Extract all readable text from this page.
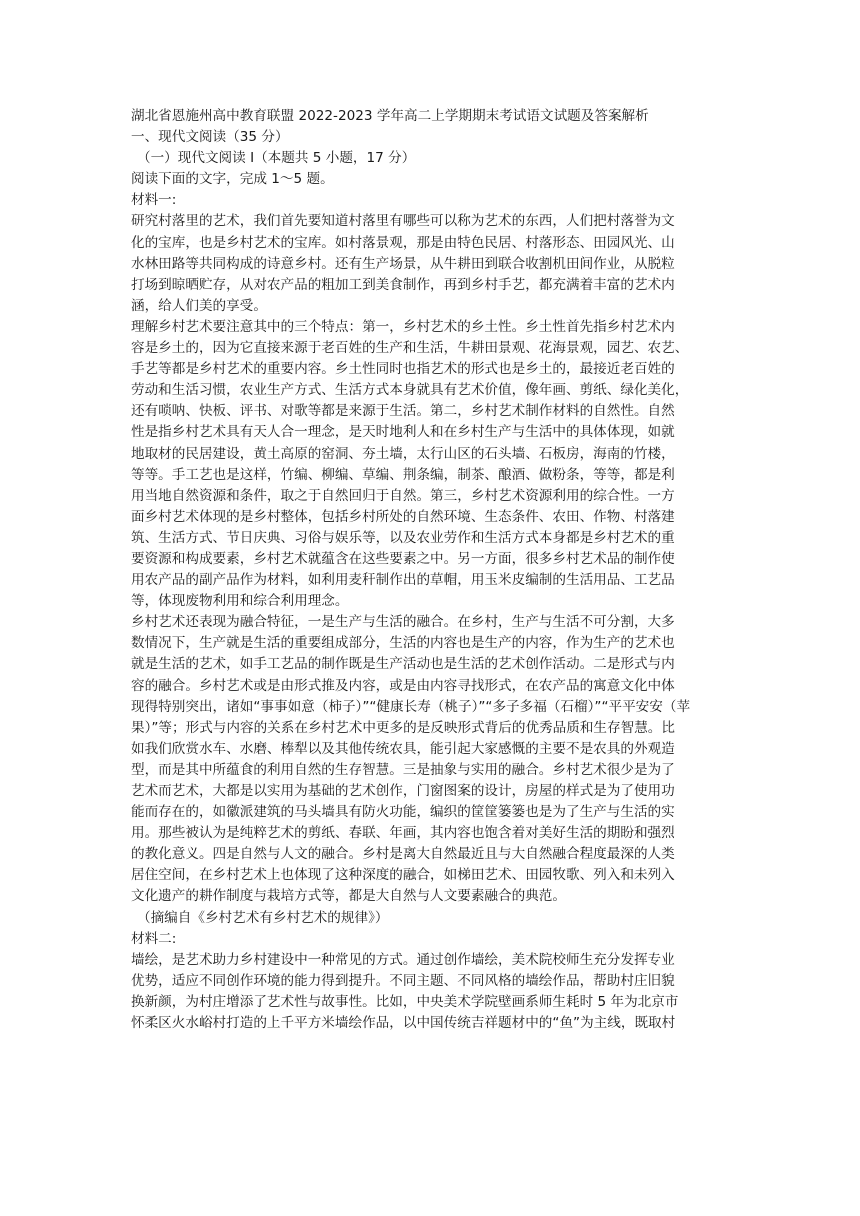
湖北省恩施州高中教育联盟 2022-2023 学年高二上学期期末考试语文试题及答案解析

一、现代文阅读（35 分）

（一）现代文阅读 I（本题共 5 小题，17 分）

阅读下面的文字，完成 1～5 题。

材料一:

研究村落里的艺术，我们首先要知道村落里有哪些可以称为艺术的东西，人们把村落誉为文

化的宝库，也是乡村艺术的宝库。如村落景观，那是由特色民居、村落形态、田园风光、山

水林田路等共同构成的诗意乡村。还有生产场景，从牛耕田到联合收割机田间作业，从脱粒

打场到晾晒贮存，从对农产品的粗加工到美食制作，再到乡村手艺，都充满着丰富的艺术内

涵，给人们美的享受。

理解乡村艺术要注意其中的三个特点：第一，乡村艺术的乡土性。乡土性首先指乡村艺术内

容是乡土的，因为它直接来源于老百姓的生产和生活，牛耕田景观、花海景观，园艺、农艺、

手艺等都是乡村艺术的重要内容。乡土性同时也指艺术的形式也是乡土的，最接近老百姓的

劳动和生活习惯，农业生产方式、生活方式本身就具有艺术价值，像年画、剪纸、绿化美化，

还有唢呐、快板、评书、对歌等都是来源于生活。第二，乡村艺术制作材料的自然性。自然

性是指乡村艺术具有天人合一理念，是天时地利人和在乡村生产与生活中的具体体现，如就

地取材的民居建设，黄土高原的窑洞、夯土墙，太行山区的石头墙、石板房，海南的竹楼，

等等。手工艺也是这样，竹编、柳编、草编、荆条编，制茶、酿酒、做粉条，等等，都是利

用当地自然资源和条件，取之于自然回归于自然。第三，乡村艺术资源利用的综合性。一方

面乡村艺术体现的是乡村整体，包括乡村所处的自然环境、生态条件、农田、作物、村落建

筑、生活方式、节日庆典、习俗与娱乐等，以及农业劳作和生活方式本身都是乡村艺术的重

要资源和构成要素，乡村艺术就蕴含在这些要素之中。另一方面，很多乡村艺术品的制作使

用农产品的副产品作为材料，如利用麦秆制作出的草帽，用玉米皮编制的生活用品、工艺品

等，体现废物利用和综合利用理念。

乡村艺术还表现为融合特征，一是生产与生活的融合。在乡村，生产与生活不可分割，大多

数情况下，生产就是生活的重要组成部分，生活的内容也是生产的内容，作为生产的艺术也

就是生活的艺术，如手工艺品的制作既是生产活动也是生活的艺术创作活动。二是形式与内

容的融合。乡村艺术或是由形式推及内容，或是由内容寻找形式，在农产品的寓意文化中体

现得特别突出，诸如“事事如意（柿子）”“健康长寿（桃子）”“多子多福（石榴）”“平平安安（苹

果）”等；形式与内容的关系在乡村艺术中更多的是反映形式背后的优秀品质和生存智慧。比

如我们欣赏水车、水磨、棒犁以及其他传统农具，能引起大家感慨的主要不是农具的外观造

型，而是其中所蕴食的利用自然的生存智慧。三是抽象与实用的融合。乡村艺术很少是为了

艺术而艺术，大都是以实用为基础的艺术创作，门窗图案的设计，房屋的样式是为了使用功

能而存在的，如徽派建筑的马头墙具有防火功能，编织的筐筐篓篓也是为了生产与生活的实

用。那些被认为是纯粹艺术的剪纸、春联、年画，其内容也饱含着对美好生活的期盼和强烈

的教化意义。四是自然与人文的融合。乡村是离大自然最近且与大自然融合程度最深的人类

居住空间，在乡村艺术上也体现了这种深度的融合，如梯田艺术、田园牧歌、列入和未列入

文化遗产的耕作制度与栽培方式等，都是大自然与人文要素融合的典范。

（摘编自《乡村艺术有乡村艺术的规律》）

材料二:

墙绘，是艺术助力乡村建设中一种常见的方式。通过创作墙绘，美术院校师生充分发挥专业

优势，适应不同创作环境的能力得到提升。不同主题、不同风格的墙绘作品，帮助村庄旧貌

换新颜，为村庄增添了艺术性与故事性。比如，中央美术学院壁画系师生耗时 5 年为北京市

怀柔区火水峪村打造的上千平方米墙绘作品，以中国传统吉祥题材中的“鱼”为主线，既取村
